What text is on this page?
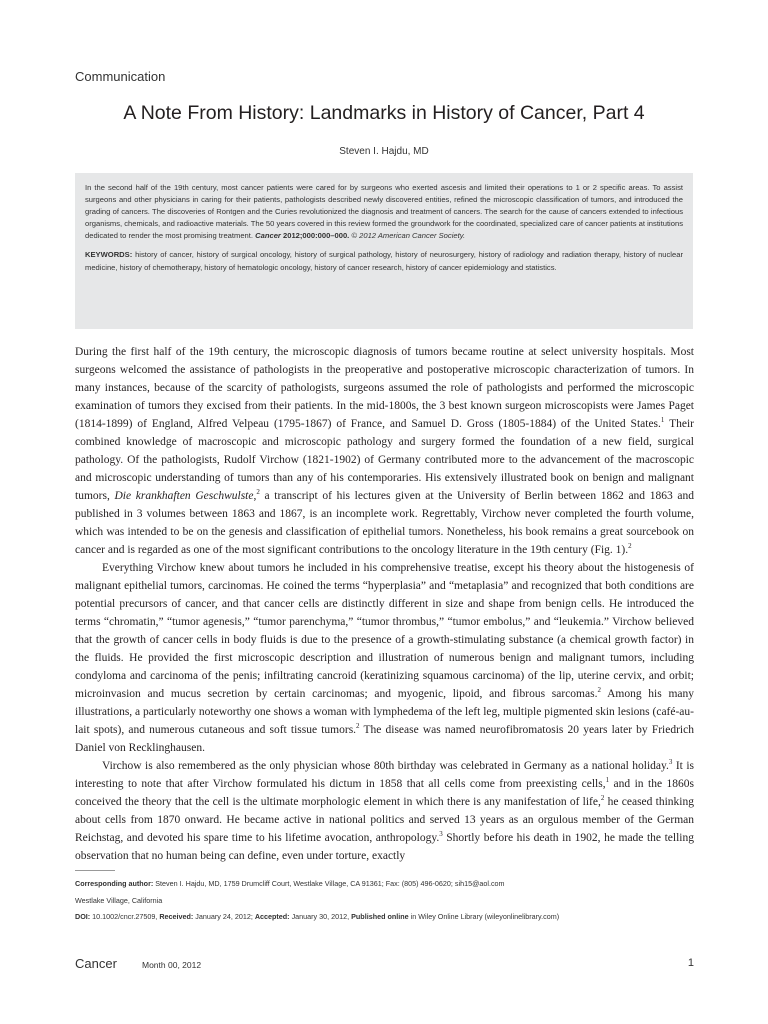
Communication
A Note From History: Landmarks in History of Cancer, Part 4
Steven I. Hajdu, MD

In the second half of the 19th century, most cancer patients were cared for by surgeons who exerted ascesis and limited their operations to 1 or 2 specific areas. To assist surgeons and other physicians in caring for their patients, pathologists described newly discovered entities, refined the microscopic classification of tumors, and introduced the grading of cancers. The discoveries of Rontgen and the Curies revolutionized the diagnosis and treatment of cancers. The search for the cause of cancers extended to infectious organisms, chemicals, and radioactive materials. The 50 years covered in this review formed the groundwork for the coordinated, specialized care of cancer patients at institutions dedicated to render the most promising treatment. Cancer 2012;000:000–000. © 2012 American Cancer Society.

KEYWORDS: history of cancer, history of surgical oncology, history of surgical pathology, history of neurosurgery, history of radiology and radiation therapy, history of nuclear medicine, history of chemotherapy, history of hematologic oncology, history of cancer research, history of cancer epidemiology and statistics.

During the first half of the 19th century, the microscopic diagnosis of tumors became routine at select university hospitals. Most surgeons welcomed the assistance of pathologists in the preoperative and postoperative microscopic characterization of tumors. In many instances, because of the scarcity of pathologists, surgeons assumed the role of pathologists and performed the microscopic examination of tumors they excised from their patients. In the mid-1800s, the 3 best known surgeon microscopists were James Paget (1814-1899) of England, Alfred Velpeau (1795-1867) of France, and Samuel D. Gross (1805-1884) of the United States.$^1$ Their combined knowledge of macroscopic and microscopic pathology and surgery formed the foundation of a new field, surgical pathology. Of the pathologists, Rudolf Virchow (1821-1902) of Germany contributed more to the advancement of the macroscopic and microscopic understanding of tumors than any of his contemporaries. His extensively illustrated book on benign and malignant tumors, Die krankhaften Geschwulste,$^2$ a transcript of his lectures given at the University of Berlin between 1862 and 1863 and published in 3 volumes between 1863 and 1867, is an incomplete work. Regrettably, Virchow never completed the fourth volume, which was intended to be on the genesis and classification of epithelial tumors. Nonetheless, his book remains a great sourcebook on cancer and is regarded as one of the most significant contributions to the oncology literature in the 19th century (Fig. 1).$^2$

Everything Virchow knew about tumors he included in his comprehensive treatise, except his theory about the histogenesis of malignant epithelial tumors, carcinomas. He coined the terms “hyperplasia” and “metaplasia” and recognized that both conditions are potential precursors of cancer, and that cancer cells are distinctly different in size and shape from benign cells. He introduced the terms “chromatin,” “tumor agenesis,” “tumor parenchyma,” “tumor thrombus,” “tumor embolus,” and “leukemia.” Virchow believed that the growth of cancer cells in body fluids is due to the presence of a growth-stimulating substance (a chemical growth factor) in the fluids. He provided the first microscopic description and illustration of numerous benign and malignant tumors, including condyloma and carcinoma of the penis; infiltrating cancroid (keratinizing squamous carcinoma) of the lip, uterine cervix, and orbit; microinvasion and mucus secretion by certain carcinomas; and myogenic, lipoid, and fibrous sarcomas.$^2$ Among his many illustrations, a particularly noteworthy one shows a woman with lymphedema of the left leg, multiple pigmented skin lesions (café-au-lait spots), and numerous cutaneous and soft tissue tumors.$^2$ The disease was named neurofibromatosis 20 years later by Friedrich Daniel von Recklinghausen.

Virchow is also remembered as the only physician whose 80th birthday was celebrated in Germany as a national holiday.$^3$ It is interesting to note that after Virchow formulated his dictum in 1858 that all cells come from preexisting cells,$^1$ and in the 1860s conceived the theory that the cell is the ultimate morphologic element in which there is any manifestation of life,$^2$ he ceased thinking about cells from 1870 onward. He became active in national politics and served 13 years as an orgulous member of the German Reichstag, and devoted his spare time to his lifetime avocation, anthropology.$^3$ Shortly before his death in 1902, he made the telling observation that no human being can define, even under torture, exactly

Corresponding author: Steven I. Hajdu, MD, 1759 Drumcliff Court, Westlake Village, CA 91361; Fax: (805) 496-0620; sih15@aol.com
Westlake Village, California
DOI: 10.1002/cncr.27509, Received: January 24, 2012; Accepted: January 30, 2012, Published online in Wiley Online Library (wileyonlinelibrary.com)
Cancer	Month 00, 2012	1
